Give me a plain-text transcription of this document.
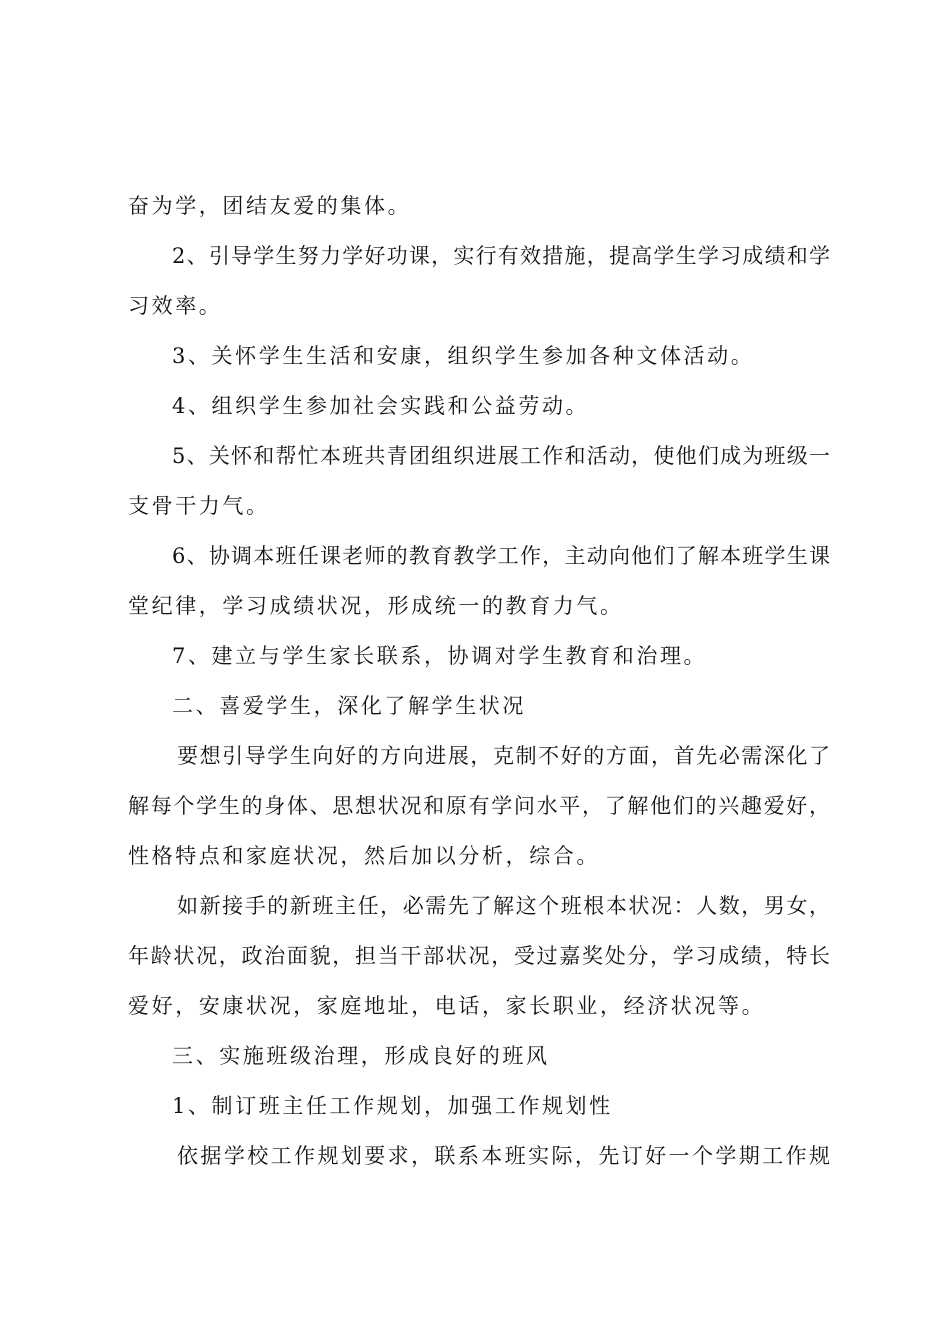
奋为学，团结友爱的集体。
2、引导学生努力学好功课，实行有效措施，提高学生学习成绩和学
习效率。
3、关怀学生生活和安康，组织学生参加各种文体活动。
4、组织学生参加社会实践和公益劳动。
5、关怀和帮忙本班共青团组织进展工作和活动，使他们成为班级一
支骨干力气。
6、协调本班任课老师的教育教学工作，主动向他们了解本班学生课
堂纪律，学习成绩状况，形成统一的教育力气。
7、建立与学生家长联系，协调对学生教育和治理。
二、喜爱学生，深化了解学生状况
要想引导学生向好的方向进展，克制不好的方面，首先必需深化了
解每个学生的身体、思想状况和原有学问水平，了解他们的兴趣爱好，
性格特点和家庭状况，然后加以分析，综合。
如新接手的新班主任，必需先了解这个班根本状况：人数，男女，
年龄状况，政治面貌，担当干部状况，受过嘉奖处分，学习成绩，特长
爱好，安康状况，家庭地址，电话，家长职业，经济状况等。
三、实施班级治理，形成良好的班风
1、制订班主任工作规划，加强工作规划性
依据学校工作规划要求，联系本班实际，先订好一个学期工作规
